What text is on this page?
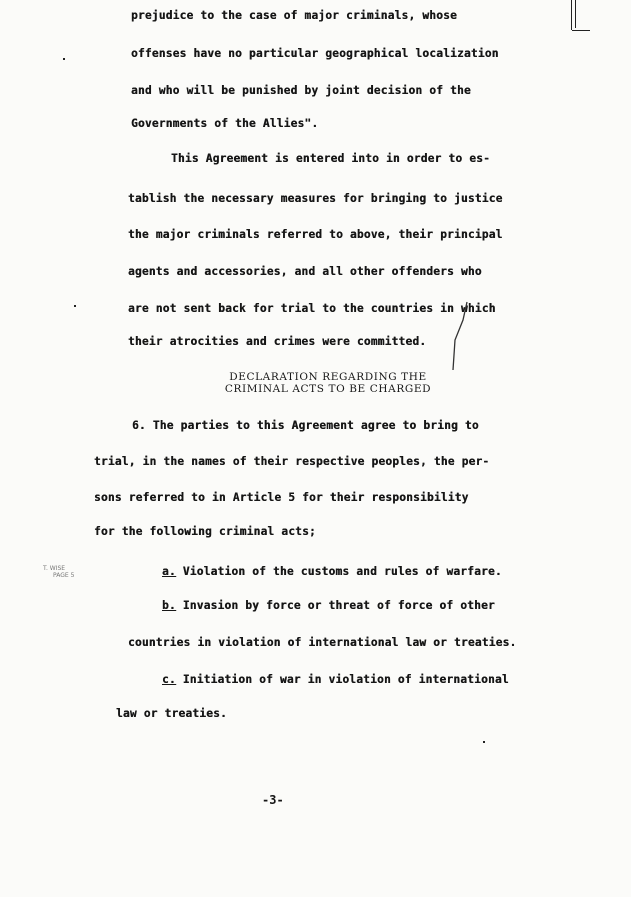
prejudice to the case of major criminals, whose
offenses have no particular geographical localization
and who will be punished by joint decision of the
Governments of the Allies".
This Agreement is entered into in order to es-
tablish the necessary measures for bringing to justice
the major criminals referred to above, their principal
agents and accessories, and all other offenders who
are not sent back for trial to the countries in which
their atrocities and crimes were committed.
DECLARATION REGARDING THE
CRIMINAL ACTS TO BE CHARGED
6. The parties to this Agreement agree to bring to
trial, in the names of their respective peoples, the per-
sons referred to in Article 5 for their responsibility
for the following criminal acts;
T. WISE
PAGE 5	a. Violation of the customs and rules of warfare.
b. Invasion by force or threat of force of other
countries in violation of international law or treaties.
c. Initiation of war in violation of international
law or treaties.
-3-
